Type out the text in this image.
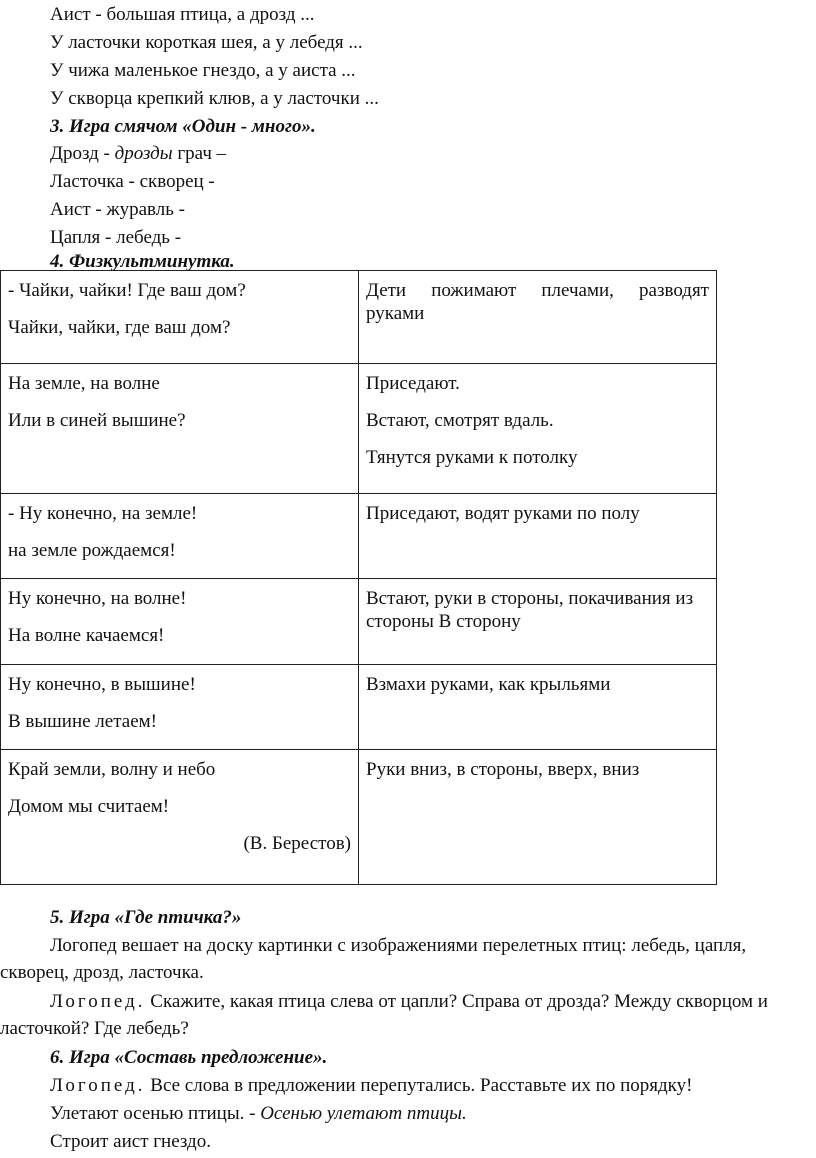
Аист - большая птица, а дрозд ...
У ласточки короткая шея, а у лебедя ...
У чижа маленькое гнездо, а у аиста ...
У скворца крепкий клюв, а у ласточки ...
3. Игра смячом «Один - много».
Дрозд - дрозды грач –
Ласточка - скворец -
Аист - журавль -
Цапля - лебедь -
4. Физкультминутка.

- Чайки, чайки! Где ваш дом?

Чайки, чайки, где ваш дом?

Дети пожимают плечами, разводят руками

На земле, на волне

Или в синей вышине?

Приседают.

Встают, смотрят вдаль.

Тянутся руками к потолку

- Ну конечно, на земле!

на земле рождаемся!

Приседают, водят руками по полу

Ну конечно, на волне!

На волне качаемся!

Встают, руки в стороны, покачивания из стороны В сторону

Ну конечно, в вышине!

В вышине летаем!

Взмахи руками, как крыльями

Край земли, волну и небо

Домом мы считаем!

(В. Берестов)

Руки вниз, в стороны, вверх, вниз

5. Игра «Где птичка?»
Логопед вешает на доску картинки с изображениями перелетных птиц: лебедь, цапля, скворец, дрозд, ласточка.
Логопед. Скажите, какая птица слева от цапли? Справа от дрозда? Между скворцом и ласточкой? Где лебедь?
6. Игра «Составь предложение».
Логопед. Все слова в предложении перепутались. Расставьте их по порядку!
Улетают осенью птицы. - Осенью улетают птицы.
Строит аист гнездо.
